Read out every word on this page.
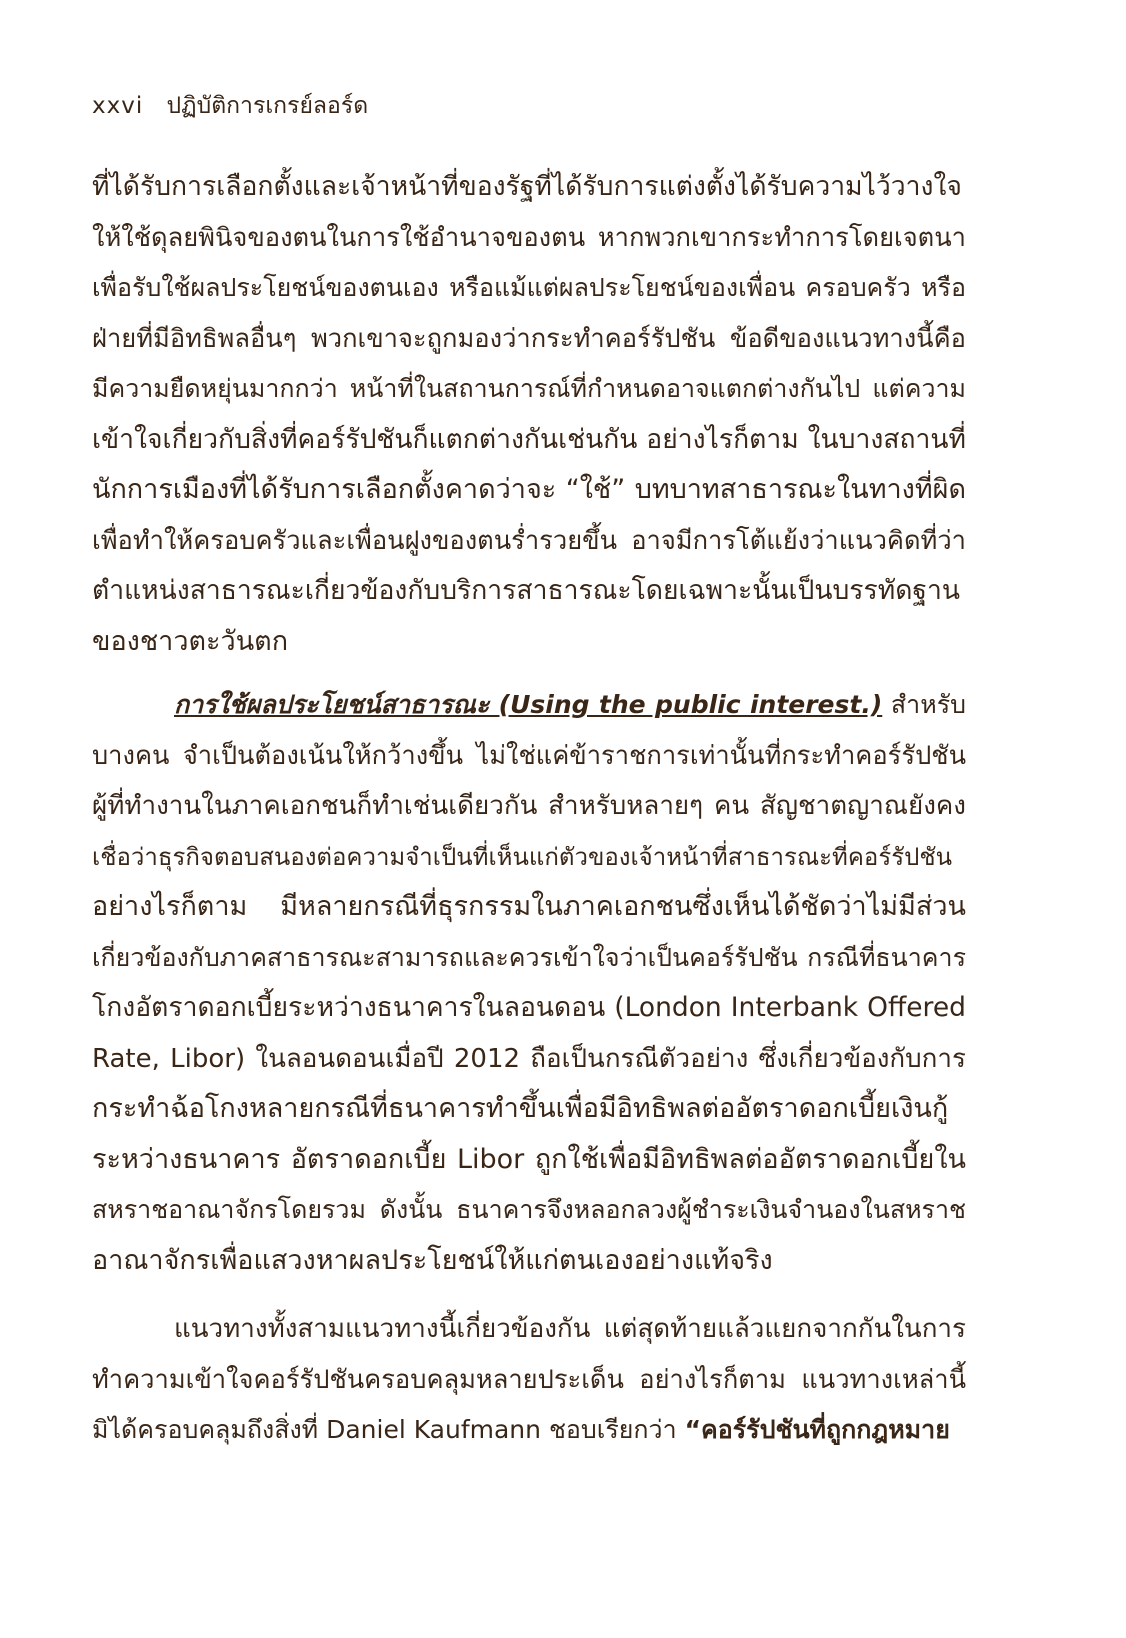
xxvi ปฏิบัติการเกรย์ลอร์ด
ที่ได้รับการเลือกตั้งและเจ้าหน้าที่ของรัฐที่ได้รับการแต่งตั้งได้รับความไว้วางใจ
ให้ใช้ดุลยพินิจของตนในการใช้อำนาจของตน หากพวกเขากระทำการโดยเจตนา
เพื่อรับใช้ผลประโยชน์ของตนเอง หรือแม้แต่ผลประโยชน์ของเพื่อน ครอบครัว หรือ
ฝ่ายที่มีอิทธิพลอื่นๆ พวกเขาจะถูกมองว่ากระทำคอร์รัปชัน ข้อดีของแนวทางนี้คือ
มีความยืดหยุ่นมากกว่า หน้าที่ในสถานการณ์ที่กำหนดอาจแตกต่างกันไป แต่ความ
เข้าใจเกี่ยวกับสิ่งที่คอร์รัปชันก็แตกต่างกันเช่นกัน อย่างไรก็ตาม ในบางสถานที่
นักการเมืองที่ได้รับการเลือกตั้งคาดว่าจะ “ใช้” บทบาทสาธารณะในทางที่ผิด
เพื่อทำให้ครอบครัวและเพื่อนฝูงของตนร่ำรวยขึ้น อาจมีการโต้แย้งว่าแนวคิดที่ว่า
ตำแหน่งสาธารณะเกี่ยวข้องกับบริการสาธารณะโดยเฉพาะนั้นเป็นบรรทัดฐาน
ของชาวตะวันตก
การใช้ผลประโยชน์สาธารณะ (Using the public interest.) สำหรับ
บางคน จำเป็นต้องเน้นให้กว้างขึ้น ไม่ใช่แค่ข้าราชการเท่านั้นที่กระทำคอร์รัปชัน
ผู้ที่ทำงานในภาคเอกชนก็ทำเช่นเดียวกัน สำหรับหลายๆ คน สัญชาตญาณยังคง
เชื่อว่าธุรกิจตอบสนองต่อความจำเป็นที่เห็นแก่ตัวของเจ้าหน้าที่สาธารณะที่คอร์รัปชัน
อย่างไรก็ตาม มีหลายกรณีที่ธุรกรรมในภาคเอกชนซึ่งเห็นได้ชัดว่าไม่มีส่วน
เกี่ยวข้องกับภาคสาธารณะสามารถและควรเข้าใจว่าเป็นคอร์รัปชัน กรณีที่ธนาคาร
โกงอัตราดอกเบี้ยระหว่างธนาคารในลอนดอน (London Interbank Offered
Rate, Libor) ในลอนดอนเมื่อปี 2012 ถือเป็นกรณีตัวอย่าง ซึ่งเกี่ยวข้องกับการ
กระทำฉ้อโกงหลายกรณีที่ธนาคารทำขึ้นเพื่อมีอิทธิพลต่ออัตราดอกเบี้ยเงินกู้
ระหว่างธนาคาร อัตราดอกเบี้ย Libor ถูกใช้เพื่อมีอิทธิพลต่ออัตราดอกเบี้ยใน
สหราชอาณาจักรโดยรวม ดังนั้น ธนาคารจึงหลอกลวงผู้ชำระเงินจำนองในสหราช
อาณาจักรเพื่อแสวงหาผลประโยชน์ให้แก่ตนเองอย่างแท้จริง
แนวทางทั้งสามแนวทางนี้เกี่ยวข้องกัน แต่สุดท้ายแล้วแยกจากกันในการ
ทำความเข้าใจคอร์รัปชันครอบคลุมหลายประเด็น อย่างไรก็ตาม แนวทางเหล่านี้
มิได้ครอบคลุมถึงสิ่งที่ Daniel Kaufmann ชอบเรียกว่า “คอร์รัปชันที่ถูกกฎหมาย
